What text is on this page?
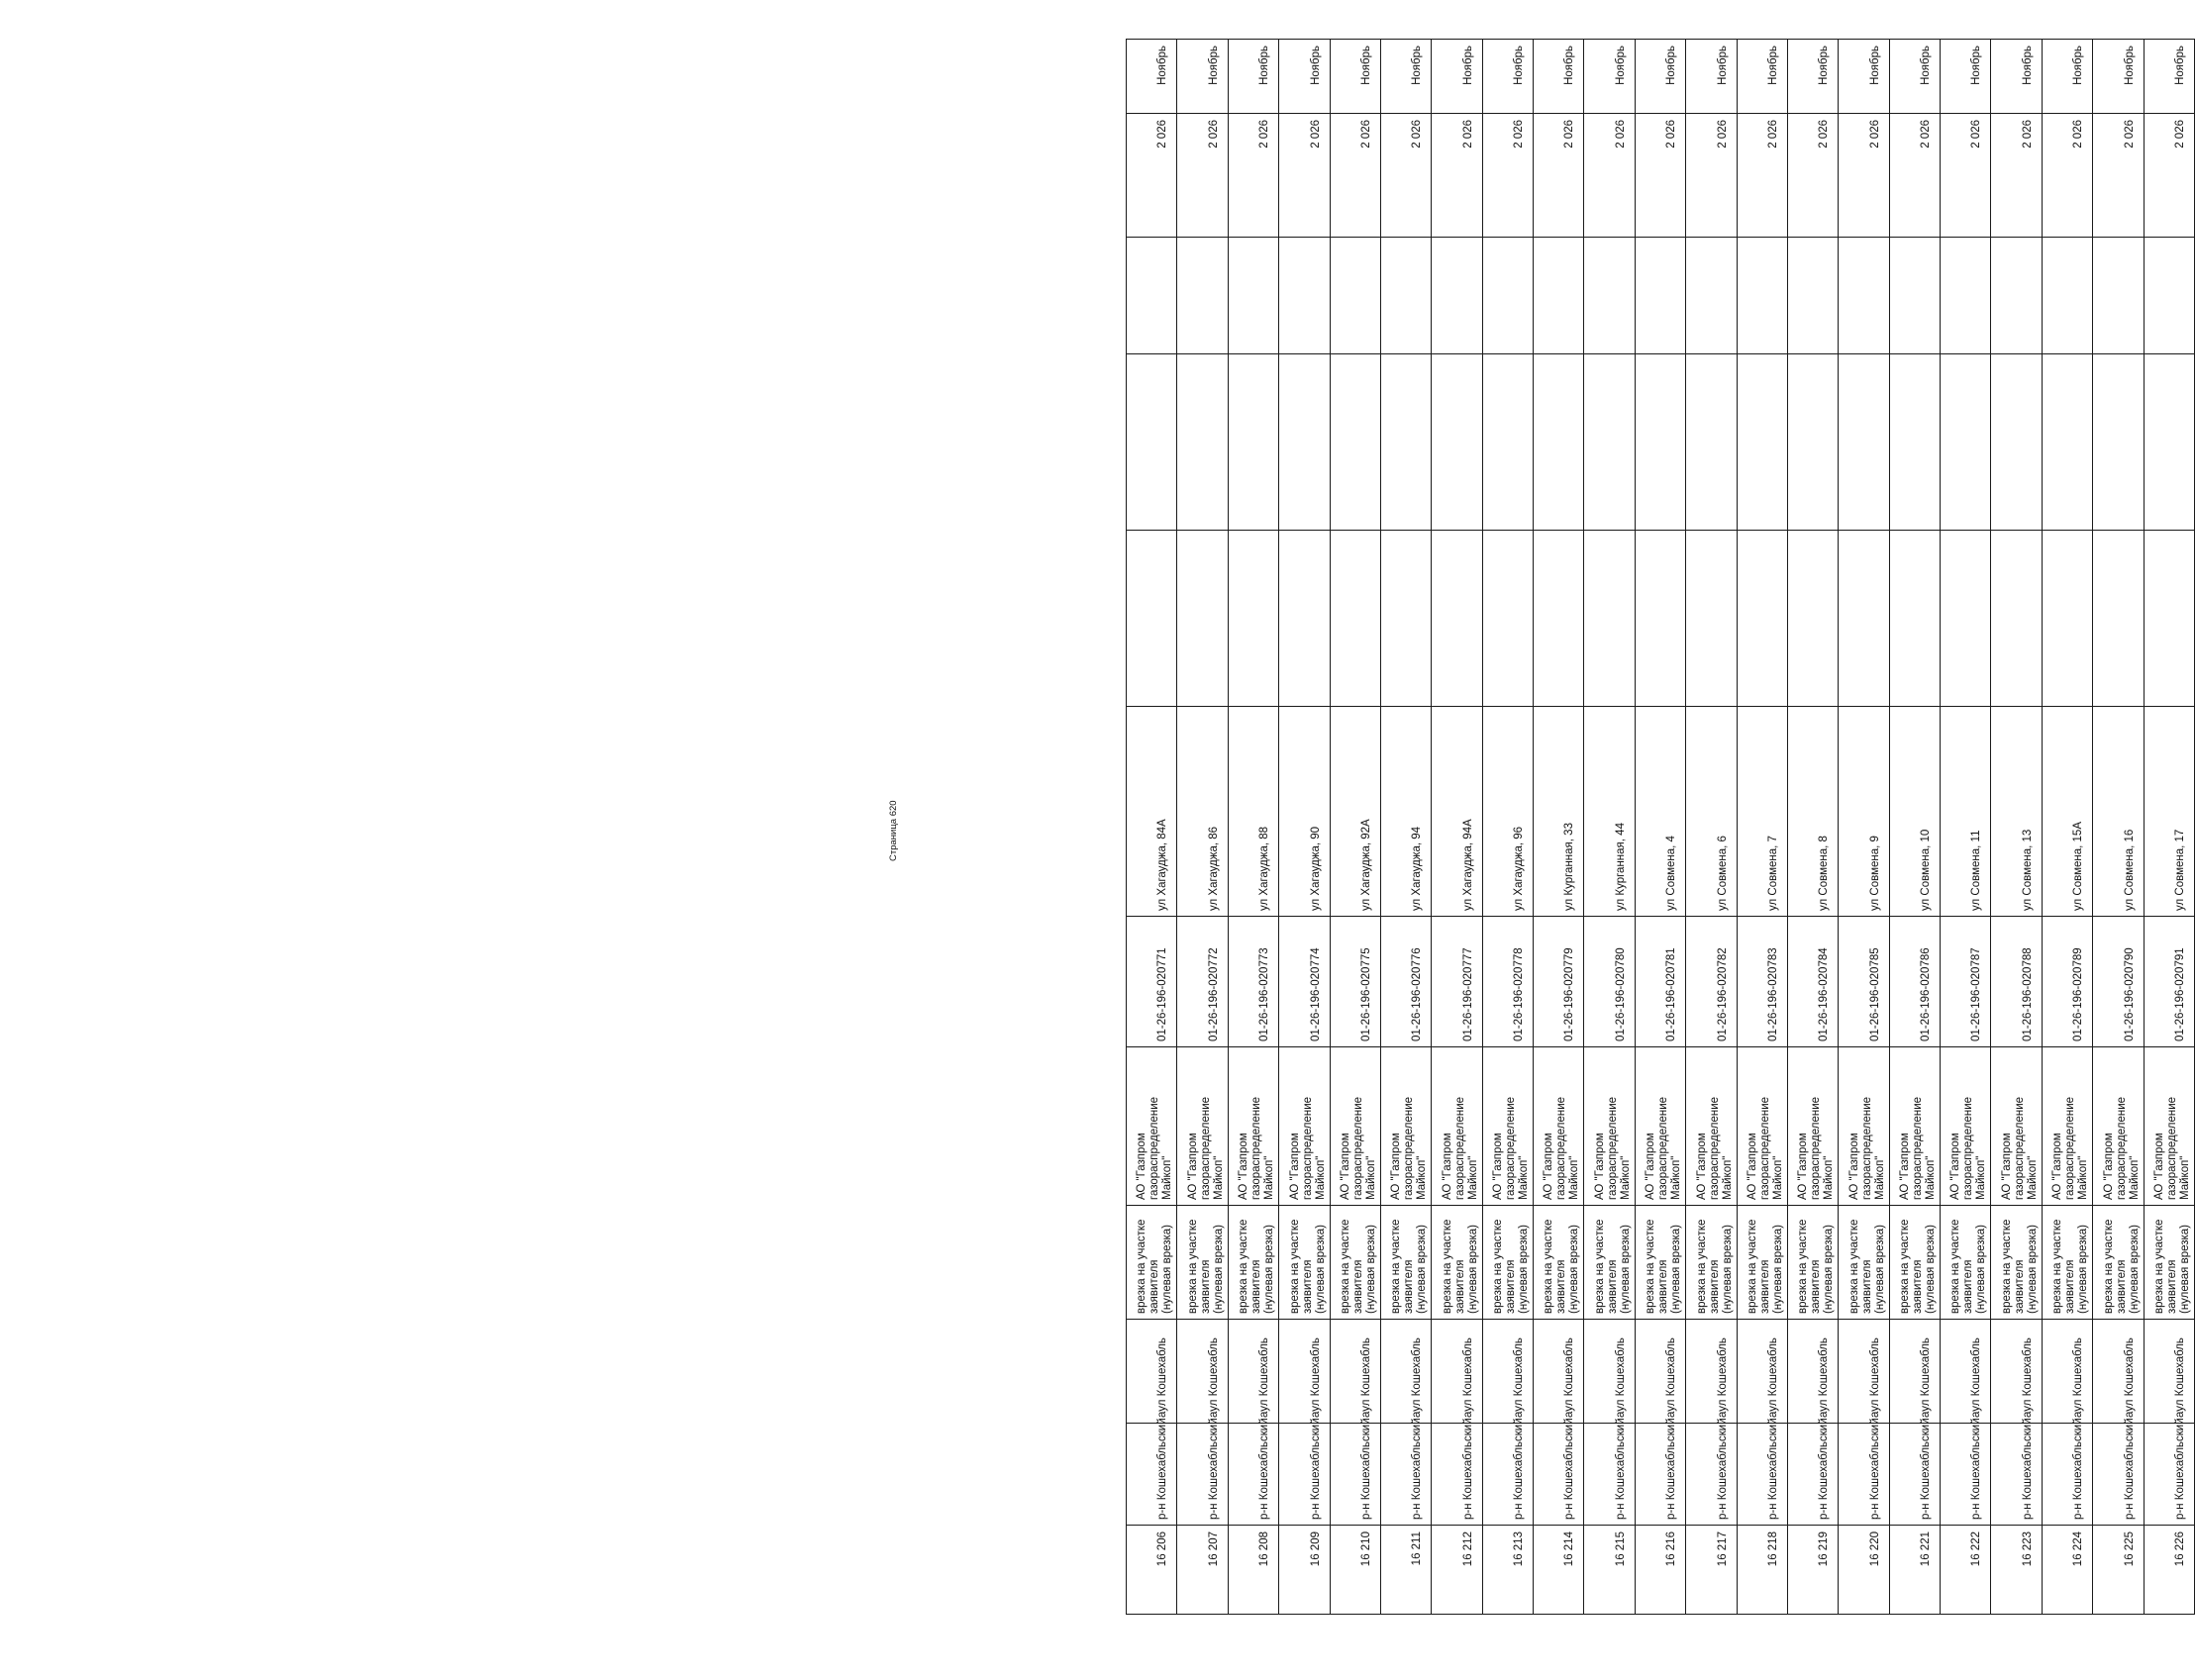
16 206	р-н Кошехабльский	аул Кошехабль	врезка на участке заявителя (нулевая врезка)	АО "Газпром газораспределение Майкоп"	01-26-196-020771	ул Хагауджа, 84А				2 026	Ноябрь
16 207	р-н Кошехабльский	аул Кошехабль	врезка на участке заявителя (нулевая врезка)	АО "Газпром газораспределение Майкоп"	01-26-196-020772	ул Хагауджа, 86				2 026	Ноябрь
16 208	р-н Кошехабльский	аул Кошехабль	врезка на участке заявителя (нулевая врезка)	АО "Газпром газораспределение Майкоп"	01-26-196-020773	ул Хагауджа, 88				2 026	Ноябрь
16 209	р-н Кошехабльский	аул Кошехабль	врезка на участке заявителя (нулевая врезка)	АО "Газпром газораспределение Майкоп"	01-26-196-020774	ул Хагауджа, 90				2 026	Ноябрь
16 210	р-н Кошехабльский	аул Кошехабль	врезка на участке заявителя (нулевая врезка)	АО "Газпром газораспределение Майкоп"	01-26-196-020775	ул Хагауджа, 92А				2 026	Ноябрь
16 211	р-н Кошехабльский	аул Кошехабль	врезка на участке заявителя (нулевая врезка)	АО "Газпром газораспределение Майкоп"	01-26-196-020776	ул Хагауджа, 94				2 026	Ноябрь
16 212	р-н Кошехабльский	аул Кошехабль	врезка на участке заявителя (нулевая врезка)	АО "Газпром газораспределение Майкоп"	01-26-196-020777	ул Хагауджа, 94А				2 026	Ноябрь
16 213	р-н Кошехабльский	аул Кошехабль	врезка на участке заявителя (нулевая врезка)	АО "Газпром газораспределение Майкоп"	01-26-196-020778	ул Хагауджа, 96				2 026	Ноябрь
16 214	р-н Кошехабльский	аул Кошехабль	врезка на участке заявителя (нулевая врезка)	АО "Газпром газораспределение Майкоп"	01-26-196-020779	ул Курганная, 33				2 026	Ноябрь
16 215	р-н Кошехабльский	аул Кошехабль	врезка на участке заявителя (нулевая врезка)	АО "Газпром газораспределение Майкоп"	01-26-196-020780	ул Курганная, 44				2 026	Ноябрь
16 216	р-н Кошехабльский	аул Кошехабль	врезка на участке заявителя (нулевая врезка)	АО "Газпром газораспределение Майкоп"	01-26-196-020781	ул Совмена, 4				2 026	Ноябрь
16 217	р-н Кошехабльский	аул Кошехабль	врезка на участке заявителя (нулевая врезка)	АО "Газпром газораспределение Майкоп"	01-26-196-020782	ул Совмена, 6				2 026	Ноябрь
16 218	р-н Кошехабльский	аул Кошехабль	врезка на участке заявителя (нулевая врезка)	АО "Газпром газораспределение Майкоп"	01-26-196-020783	ул Совмена, 7				2 026	Ноябрь
16 219	р-н Кошехабльский	аул Кошехабль	врезка на участке заявителя (нулевая врезка)	АО "Газпром газораспределение Майкоп"	01-26-196-020784	ул Совмена, 8				2 026	Ноябрь
16 220	р-н Кошехабльский	аул Кошехабль	врезка на участке заявителя (нулевая врезка)	АО "Газпром газораспределение Майкоп"	01-26-196-020785	ул Совмена, 9				2 026	Ноябрь
16 221	р-н Кошехабльский	аул Кошехабль	врезка на участке заявителя (нулевая врезка)	АО "Газпром газораспределение Майкоп"	01-26-196-020786	ул Совмена, 10				2 026	Ноябрь
16 222	р-н Кошехабльский	аул Кошехабль	врезка на участке заявителя (нулевая врезка)	АО "Газпром газораспределение Майкоп"	01-26-196-020787	ул Совмена, 11				2 026	Ноябрь
16 223	р-н Кошехабльский	аул Кошехабль	врезка на участке заявителя (нулевая врезка)	АО "Газпром газораспределение Майкоп"	01-26-196-020788	ул Совмена, 13				2 026	Ноябрь
16 224	р-н Кошехабльский	аул Кошехабль	врезка на участке заявителя (нулевая врезка)	АО "Газпром газораспределение Майкоп"	01-26-196-020789	ул Совмена, 15А				2 026	Ноябрь
16 225	р-н Кошехабльский	аул Кошехабль	врезка на участке заявителя (нулевая врезка)	АО "Газпром газораспределение Майкоп"	01-26-196-020790	ул Совмена, 16				2 026	Ноябрь
16 226	р-н Кошехабльский	аул Кошехабль	врезка на участке заявителя (нулевая врезка)	АО "Газпром газораспределение Майкоп"	01-26-196-020791	ул Совмена, 17				2 026	Ноябрь
Страница 620
